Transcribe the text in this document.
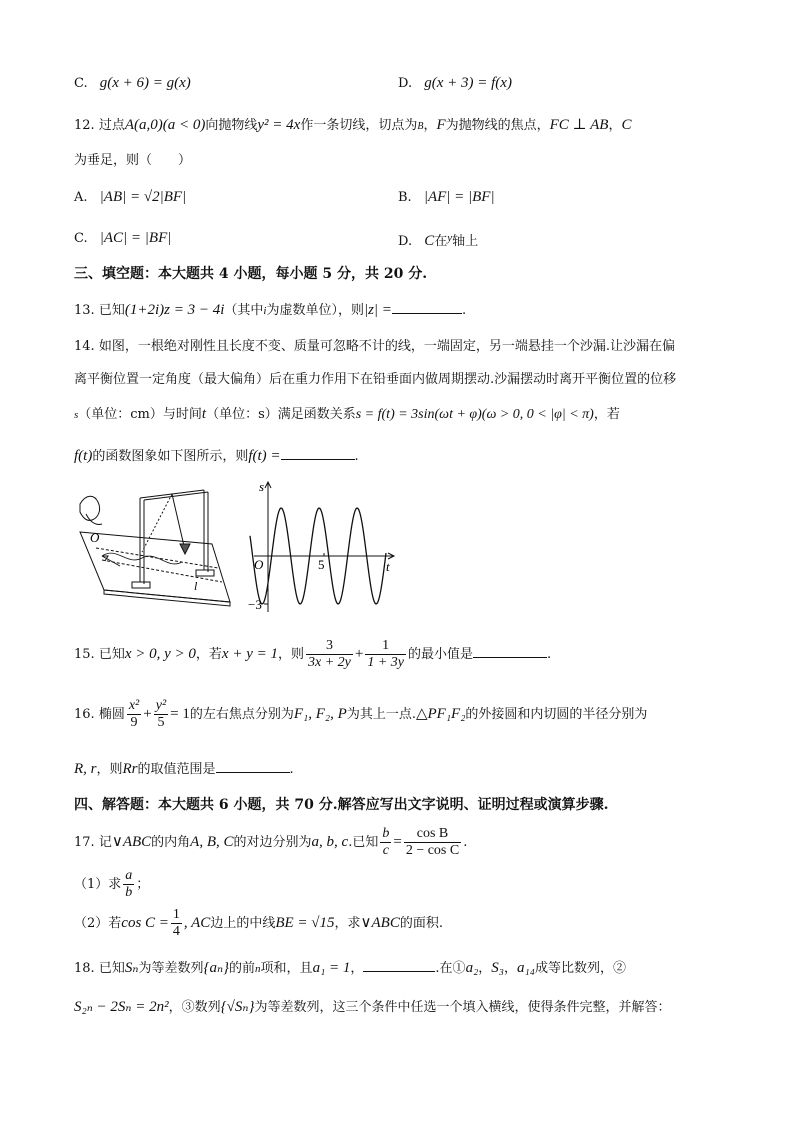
C. g(x + 6) = g(x)	D. g(x + 3) = f(x)
12. 过点A(a,0)(a < 0)向抛物线y² = 4x作一条切线，切点为B，F为抛物线的焦点，FC ⊥ AB，C
为垂足，则（　　）
A. |AB| = √2|BF|	B. |AF| = |BF|
C. |AC| = |BF|	D. C在$^y$轴上
三、填空题：本大题共 4 小题，每小题 5 分，共 20 分.
13. 已知(1+2i)z = 3 − 4i（其中i为虚数单位），则|z| =	.
14. 如图，一根绝对刚性且长度不变、质量可忽略不计的线，一端固定，另一端悬挂一个沙漏.让沙漏在偏
离平衡位置一定角度（最大偏角）后在重力作用下在铅垂面内做周期摆动.沙漏摆动时离开平衡位置的位移
s（单位：cm）与时间t（单位：s）满足函数关系s = f(t) = 3sin(ωt + φ)(ω > 0, 0 < |φ| < π)，若
f(t)的函数图象如下图所示，则f(t) =	.
O
l
s
t
O	5
−3
15. 已知x > 0, y > 0，若x + y = 1，则 $\frac{3}{3x + 2y} + \frac{1}{1 + 3y}$ 的最小值是	.
16. 椭圆 $\frac{\text{x²}}{9} + \frac{\text{y²}}{5} = 1$的左右焦点分别为F₁, F₂, P为其上一点.△PF₁F₂的外接圆和内切圆的半径分别为
R, r，则Rr的取值范围是	.
四、解答题：本大题共 6 小题，共 70 分.解答应写出文字说明、证明过程或演算步骤.
17. 记∨ABC的内角A, B, C的对边分别为a, b, c.已知 $\frac{b}{c} = \frac{\text{cos B}}{\text{2 − cos C}}$ .
（1）求 $\frac{a}{b}$ ；
（2）若$\cos C = \frac{1}{4}$ , AC边上的中线BE = √15，求∨ABC的面积.
18. 已知Sₙ为等差数列{aₙ}的前n项和，且a₁ = 1，	.在①a₂，S₃，a₁₄成等比数列，②
S₂ₙ − 2Sₙ = 2n²，③数列{√Sₙ}为等差数列，这三个条件中任选一个填入横线，使得条件完整，并解答：
